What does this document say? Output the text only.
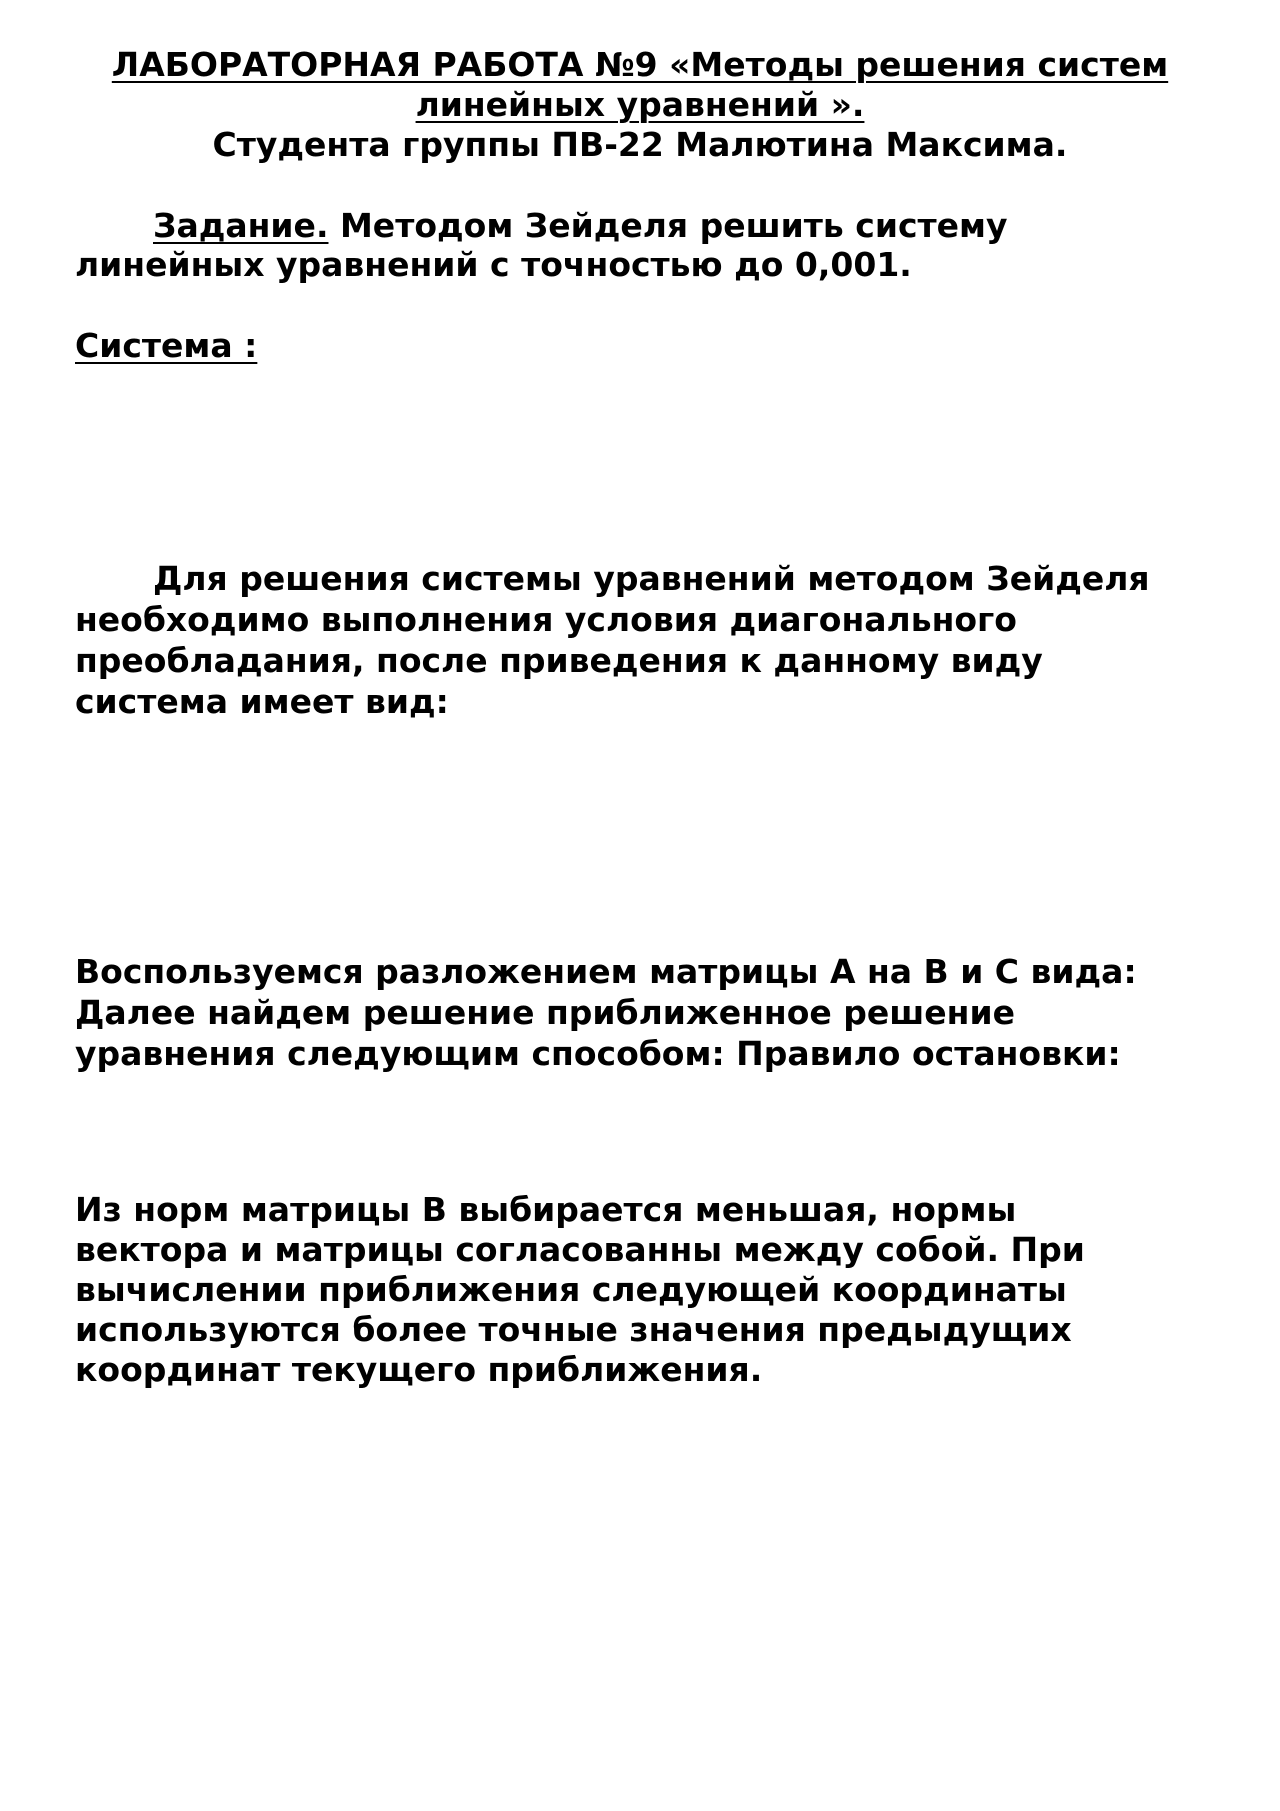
ЛАБОРАТОРНАЯ РАБОТА №9 «Методы решения систем

линейных уравнений ».

Студента группы ПВ-22 Малютина Максима.

Задание. Методом Зейделя решить систему

линейных уравнений с точностью до 0,001.

Система :

Для решения системы уравнений методом Зейделя

необходимо выполнения условия диагонального

преобладания, после приведения к данному виду

система имеет вид:

Воспользуемся разложением матрицы А на В и С вида:

Далее найдем решение приближенное решение

уравнения следующим способом: Правило остановки:

Из норм матрицы В выбирается меньшая, нормы

вектора и матрицы согласованны между собой. При

вычислении приближения следующей координаты

используются более точные значения предыдущих

координат текущего приближения.
